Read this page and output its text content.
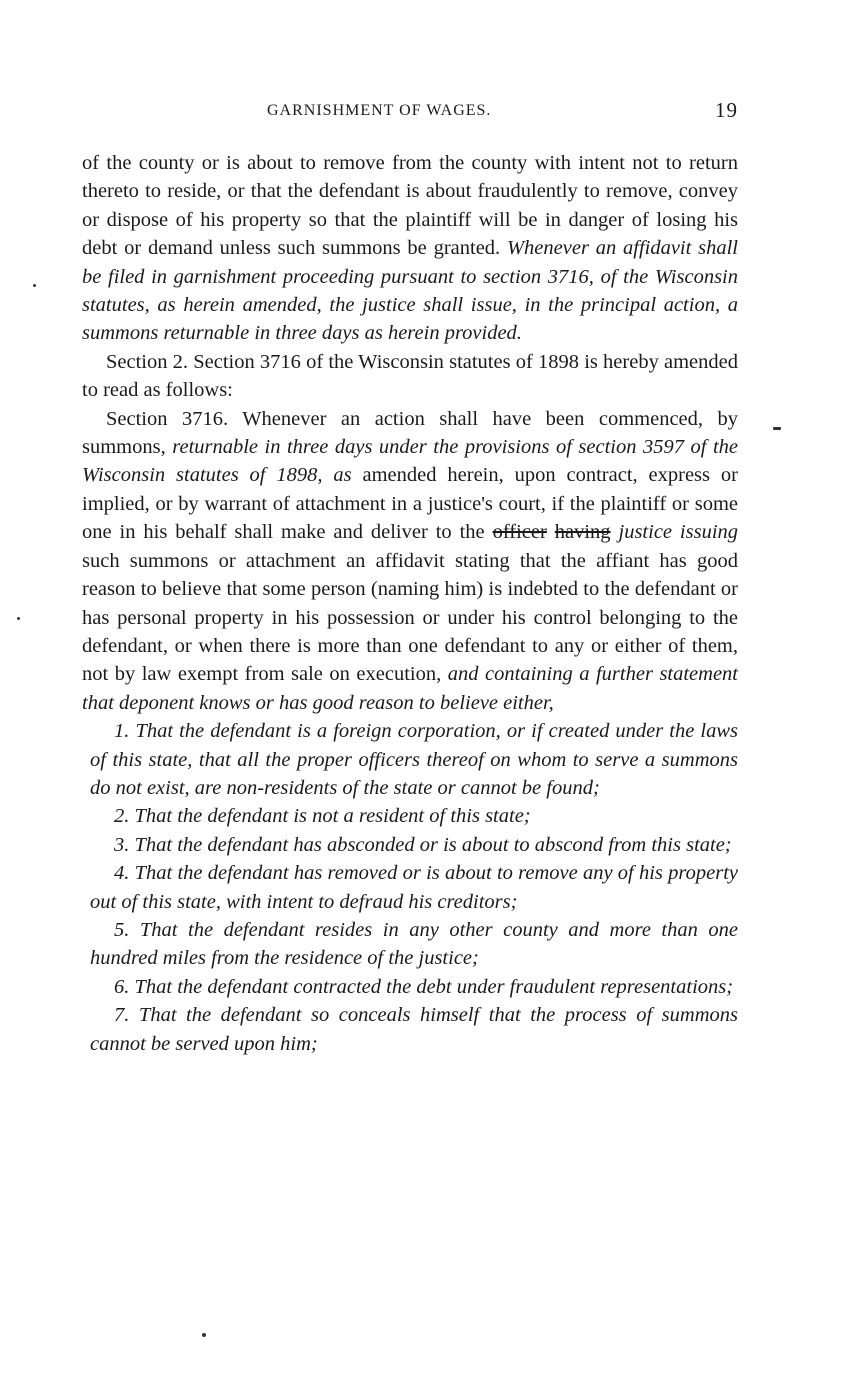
GARNISHMENT OF WAGES.	19

of the county or is about to remove from the county with intent not to return thereto to reside, or that the defendant is about fraudulently to remove, convey or dispose of his property so that the plaintiff will be in danger of losing his debt or demand unless such summons be granted. Whenever an affidavit shall be filed in garnishment proceeding pursuant to section 3716, of the Wisconsin statutes, as herein amended, the justice shall issue, in the principal action, a summons returnable in three days as herein provided.

Section 2. Section 3716 of the Wisconsin statutes of 1898 is hereby amended to read as follows:

Section 3716. Whenever an action shall have been commenced, by summons, returnable in three days under the provisions of section 3597 of the Wisconsin statutes of 1898, as amended herein, upon contract, express or implied, or by warrant of attachment in a justice's court, if the plaintiff or some one in his behalf shall make and deliver to the officer having justice issuing such summons or attachment an affidavit stating that the affiant has good reason to believe that some person (naming him) is indebted to the defendant or has personal property in his possession or under his control belonging to the defendant, or when there is more than one defendant to any or either of them, not by law exempt from sale on execution, and containing a further statement that deponent knows or has good reason to believe either,

1. That the defendant is a foreign corporation, or if created under the laws of this state, that all the proper officers thereof on whom to serve a summons do not exist, are non-residents of the state or cannot be found;

2. That the defendant is not a resident of this state;

3. That the defendant has absconded or is about to abscond from this state;

4. That the defendant has removed or is about to remove any of his property out of this state, with intent to defraud his creditors;

5. That the defendant resides in any other county and more than one hundred miles from the residence of the justice;

6. That the defendant contracted the debt under fraudulent representations;

7. That the defendant so conceals himself that the process of summons cannot be served upon him;
